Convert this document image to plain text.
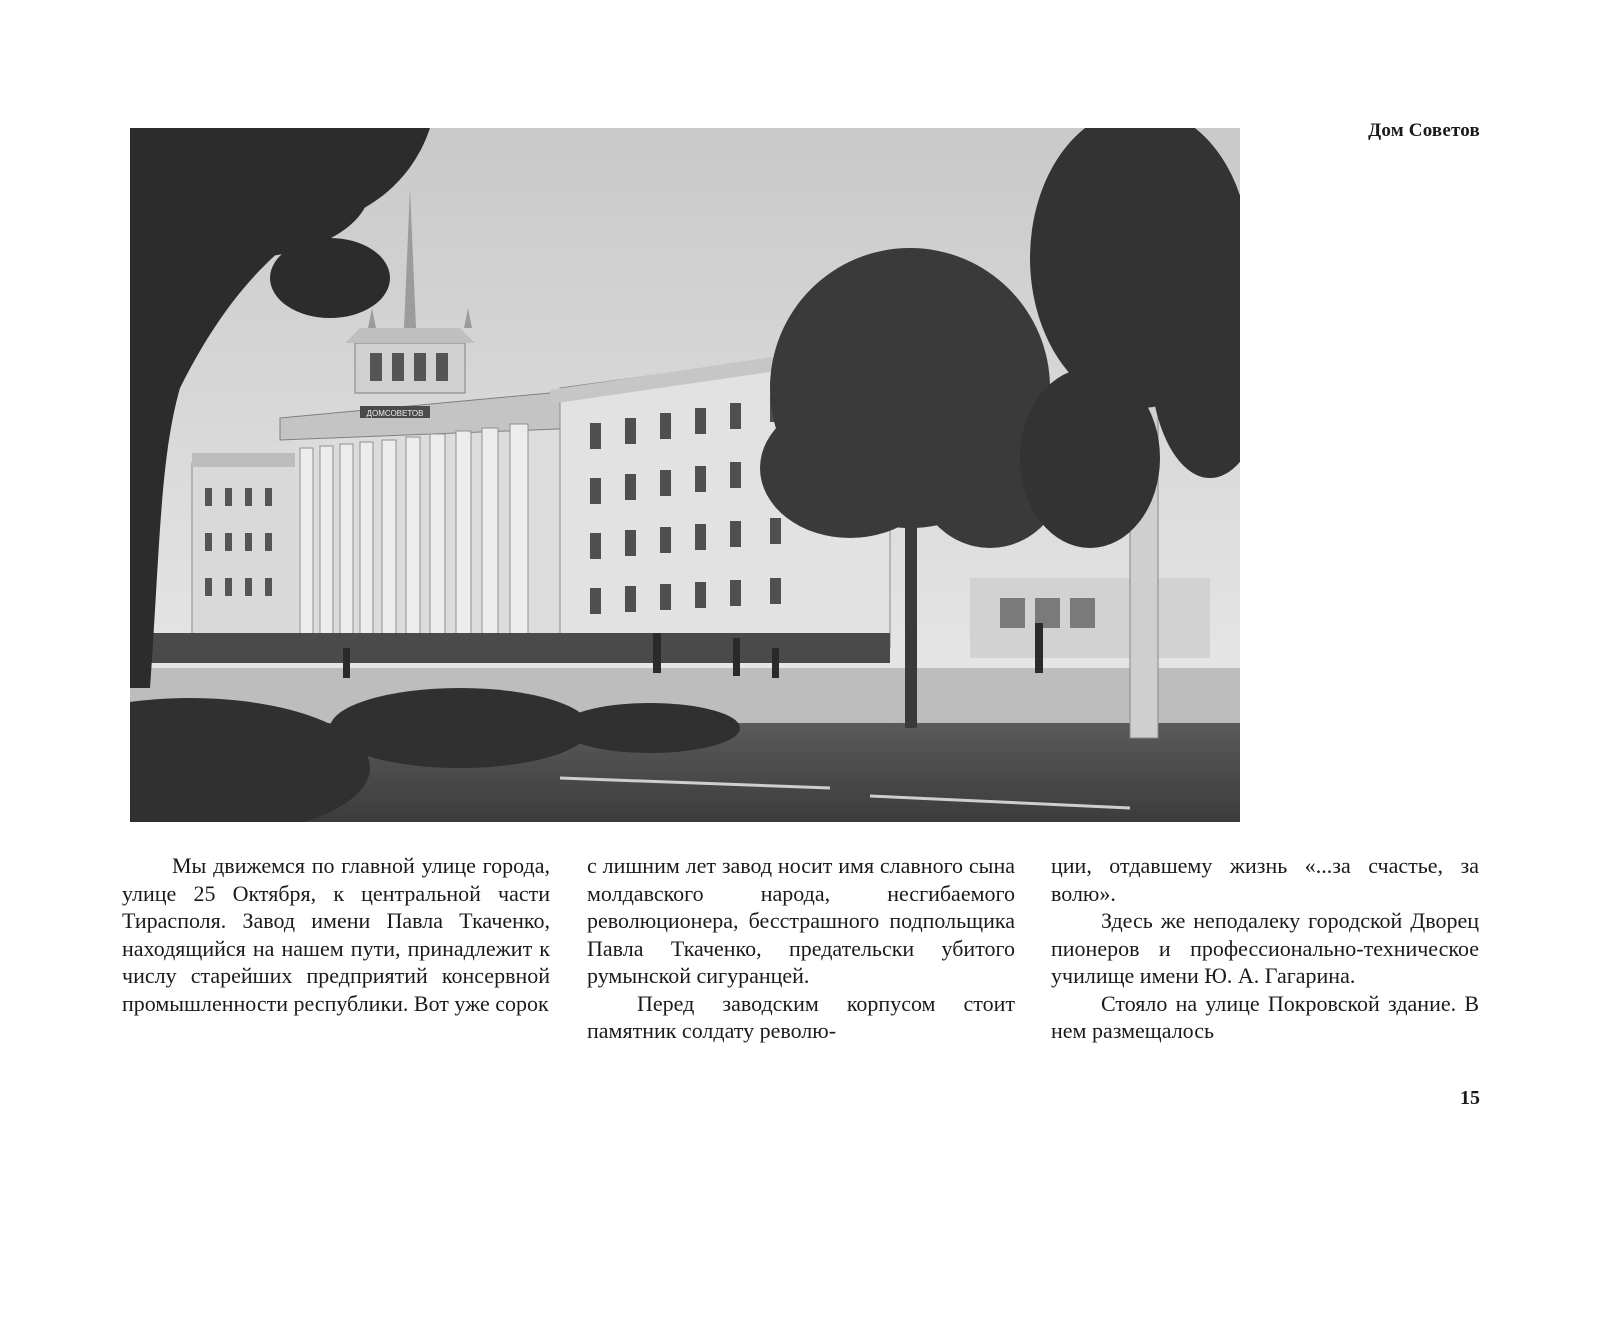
Дом Советов
ДОМСОВЕТОВ

Мы движемся по главной улице города, улице 25 Октября, к центральной части Тирасполя. Завод имени Павла Ткаченко, находящийся на нашем пути, принадлежит к числу старейших предприятий консервной промышленности республики. Вот уже сорок

с лишним лет завод носит имя славного сына молдавского народа, несгибаемого революционера, бесстрашного подпольщика Павла Ткаченко, предательски убитого румынской сигуранцей.

Перед заводским корпусом стоит памятник солдату револю-

ции, отдавшему жизнь «...за счастье, за волю».

Здесь же неподалеку городской Дворец пионеров и профессионально-техническое училище имени Ю. А. Гагарина.

Стояло на улице Покровской здание. В нем размещалось

15
